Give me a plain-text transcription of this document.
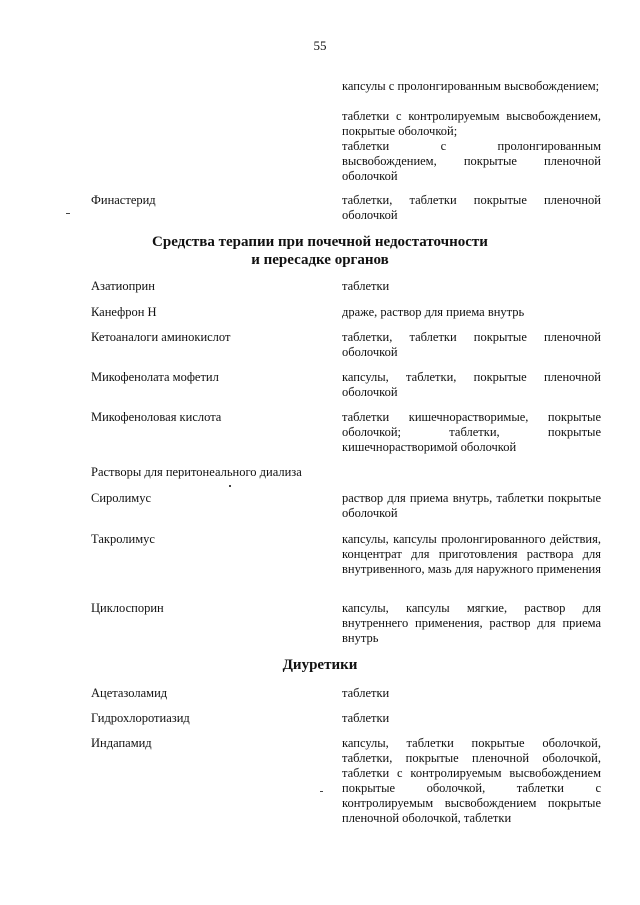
55
капсулы с пролонгированным высвобождением;
таблетки с контролируемым высвобождением, покрытые оболочкой;
таблетки с пролонгированным высвобождением, покрытые пленочной оболочкой
Финастерид	таблетки, таблетки покрытые пленочной оболочкой
Средства терапии при почечной недостаточности
и пересадке органов
Азатиоприн	таблетки
Канефрон Н	драже, раствор для приема внутрь
Кетоаналоги аминокислот	таблетки, таблетки покрытые пленочной оболочкой
Микофенолата мофетил	капсулы, таблетки, покрытые пленочной оболочкой
Микофеноловая кислота	таблетки кишечнорастворимые, покрытые оболочкой; таблетки, покрытые кишечнорастворимой оболочкой
Растворы для перитонеального диализа
Сиролимус	раствор для приема внутрь, таблетки покрытые оболочкой
Такролимус	капсулы, капсулы пролонгированного действия, концентрат для приготовления раствора для внутривенного, мазь для наружного применения
Циклоспорин	капсулы, капсулы мягкие, раствор для внутреннего применения, раствор для приема внутрь
Диуретики
Ацетазоламид	таблетки
Гидрохлоротиазид	таблетки
Индапамид	капсулы, таблетки покрытые оболочкой, таблетки, покрытые пленочной оболочкой, таблетки с контролируемым высвобождением покрытые оболочкой, таблетки с контролируемым высвобождением покрытые пленочной оболочкой, таблетки
